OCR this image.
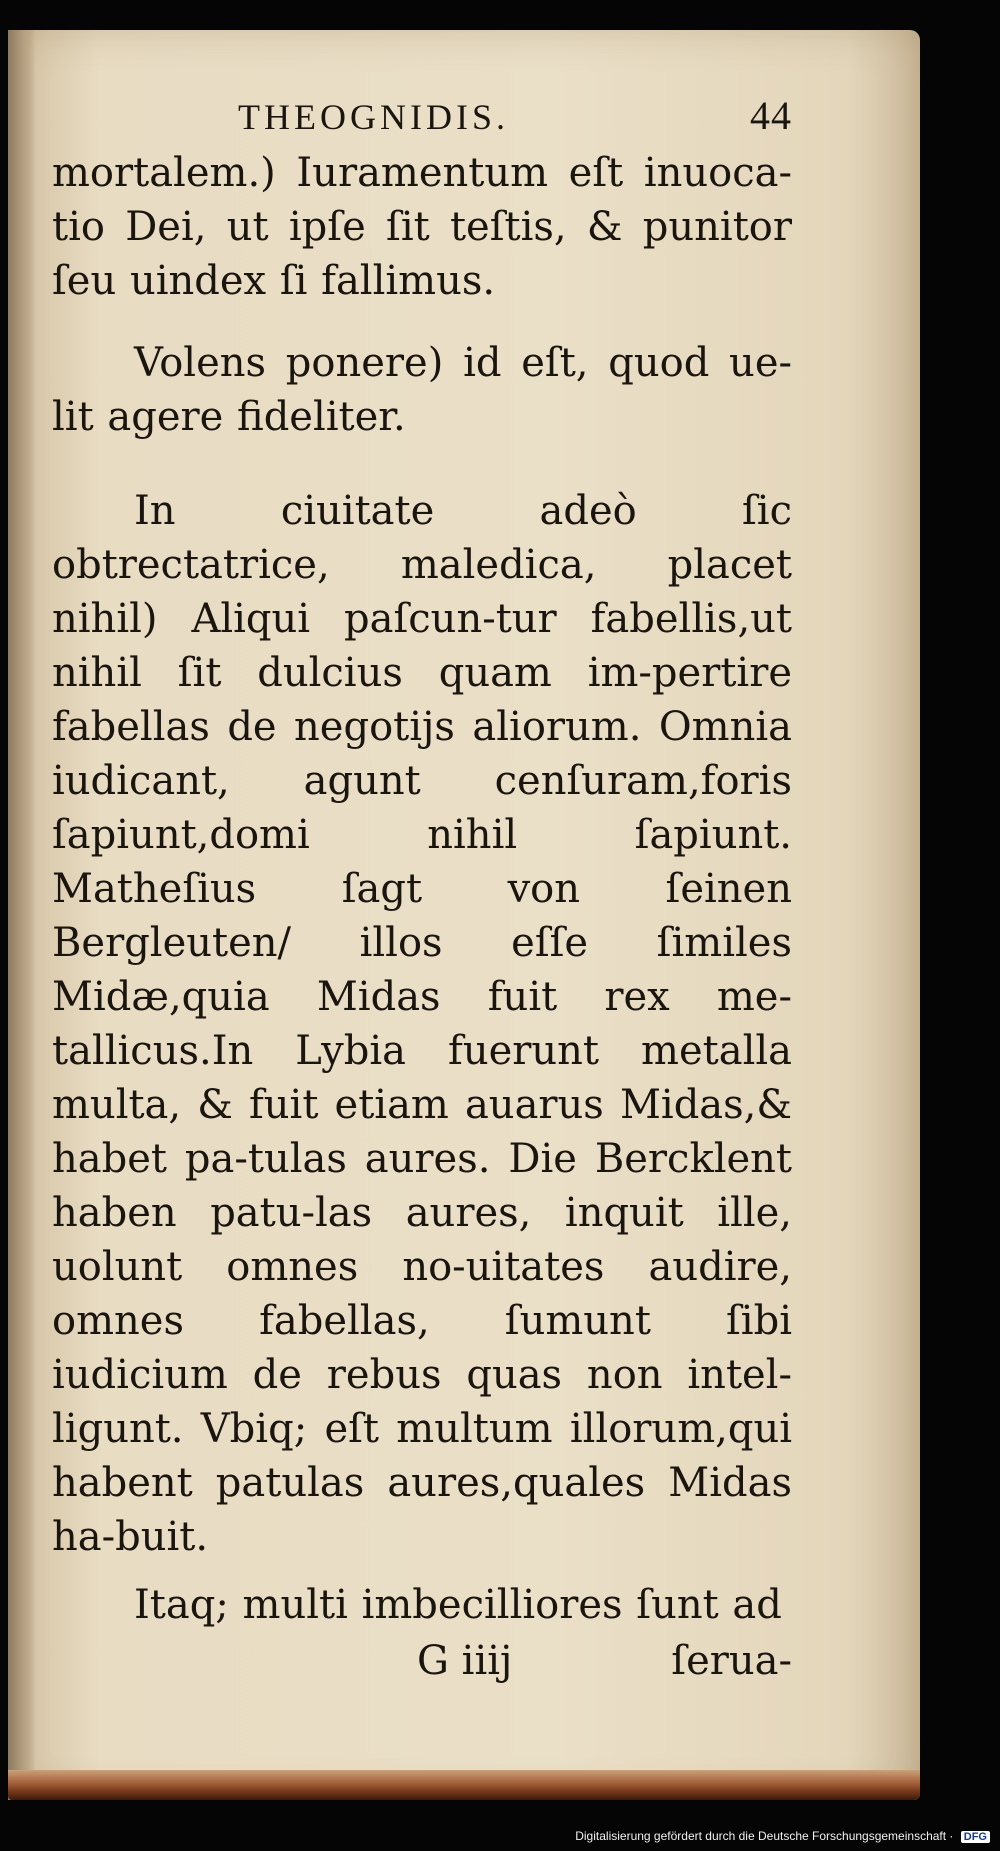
THEOGNIDIS.	44

mortalem.) Iuramentum eſt inuoca‐tio Dei, ut ipſe ſit teſtis, & punitor ſeu uindex ſi fallimus.

Volens ponere) id eſt, quod ue‐lit agere fideliter.

In ciuitate adeò ſic obtrectatrice, maledica, placet nihil) Aliqui paſcun‐tur fabellis,ut nihil ſit dulcius quam im‐pertire fabellas de negotijs aliorum. Omnia iudicant, agunt cenſuram,foris ſapiunt,domi nihil ſapiunt. Matheſius ſagt von ſeinen Bergleuten/ illos eſſe ſimiles Midæ,quia Midas fuit rex me‐tallicus.In Lybia fuerunt metalla multa, & fuit etiam auarus Midas,& habet pa‐tulas aures. Die Bercklent haben patu‐las aures, inquit ille, uolunt omnes no‐uitates audire, omnes fabellas, ſumunt ſibi iudicium de rebus quas non intel‐ligunt. Vbiq; eſt multum illorum,qui habent patulas aures,quales Midas ha‐buit.

Itaq; multi imbecilliores ſunt ad

G iiij	ſerua‐
Digitalisierung gefördert durch die Deutsche Forschungsgemeinschaft · DFG
